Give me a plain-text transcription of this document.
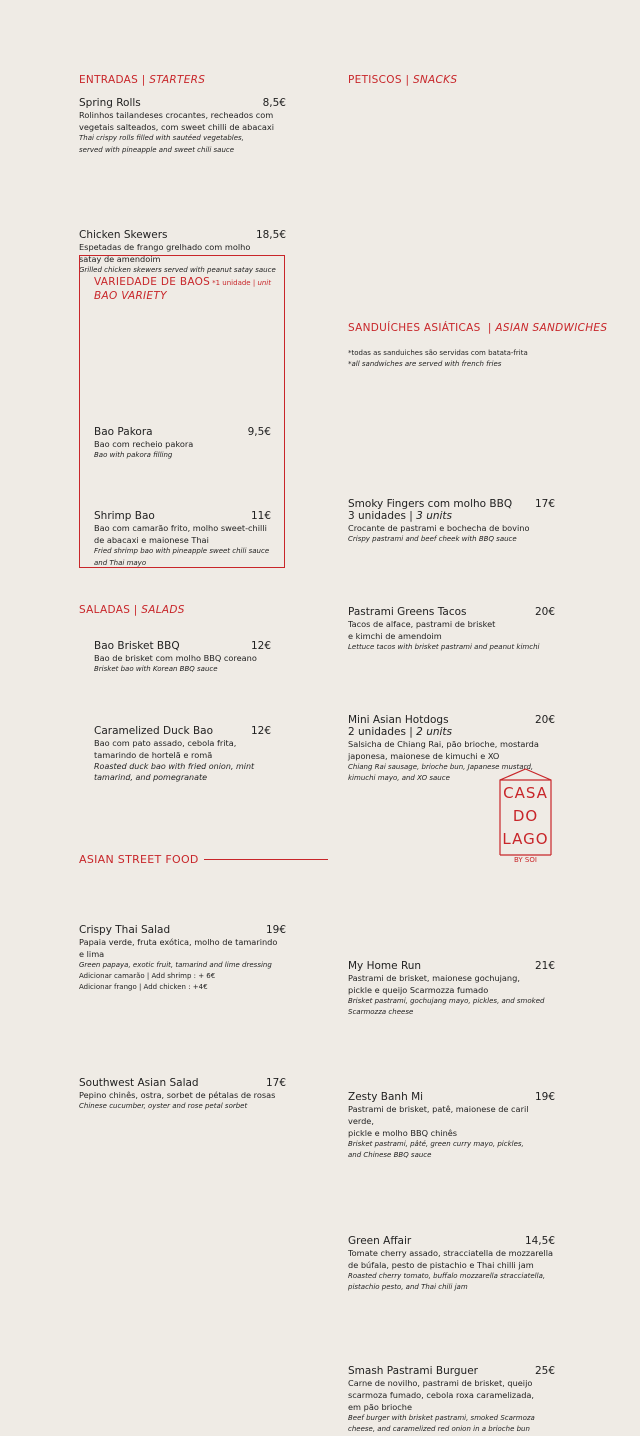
ENTRADAS | STARTERS
Spring Rolls	8,5€
Rolinhos tailandeses crocantes, recheados com
vegetais salteados, com sweet chilli de abacaxi
Thai crispy rolls filled with sautéed vegetables,
served with pineapple and sweet chili sauce
Chicken Skewers	18,5€
Espetadas de frango grelhado com molho
satay de amendoim
Grilled chicken skewers served with peanut satay sauce
VARIEDADE DE BAOS *1 unidade | unit
BAO VARIETY
Bao Pakora	9,5€
Bao com recheio pakora
Bao with pakora filling
Shrimp Bao	11€
Bao com camarão frito, molho sweet-chilli
de abacaxi e maionese Thai
Fried shrimp bao with pineapple sweet chili sauce
and Thai mayo
Bao Brisket BBQ	12€
Bao de brisket com molho BBQ coreano
Brisket bao with Korean BBQ sauce
Caramelized Duck Bao	12€
Bao com pato assado, cebola frita,
tamarindo de hortelã e romã
Roasted duck bao with fried onion, mint
tamarind, and pomegranate
SALADAS | SALADS
Crispy Thai Salad	19€
Papaia verde, fruta exótica, molho de tamarindo
e lima
Green papaya, exotic fruit, tamarind and lime dressing
Adicionar camarão | Add shrimp : + 6€
Adicionar frango | Add chicken : +4€
Southwest Asian Salad	17€
Pepino chinês, ostra, sorbet de pétalas de rosas
Chinese cucumber, oyster and rose petal sorbet
PETISCOS | SNACKS
Smoky Fingers com molho BBQ 17€
3 unidades | 3 units
Crocante de pastrami e bochecha de bovino
Crispy pastrami and beef cheek with BBQ sauce
Pastrami Greens Tacos	20€
Tacos de alface, pastrami de brisket
e kimchi de amendoim
Lettuce tacos with brisket pastrami and peanut kimchi
Mini Asian Hotdogs	20€
2 unidades | 2 units
Salsicha de Chiang Rai, pão brioche, mostarda
japonesa, maionese de kimuchi e XO
Chiang Rai sausage, brioche bun, Japanese mustard,
kimuchi mayo, and XO sauce
SANDUÍCHES ASIÁTICAS  | ASIAN SANDWICHES
*todas as sanduiches são servidas com batata-frita
*all sandwiches are served with french fries
My Home Run	21€
Pastrami de brisket, maionese gochujang,
pickle e queijo Scarmozza fumado
Brisket pastrami, gochujang mayo, pickles, and smoked
Scarmozza cheese
Zesty Banh Mi	19€
Pastrami de brisket, patê, maionese de caril verde,
pickle e molho BBQ chinês
Brisket pastrami, pâté, green curry mayo, pickles,
and Chinese BBQ sauce
Green Affair	14,5€
Tomate cherry assado, stracciatella de mozzarella
de búfala, pesto de pistachio e Thai chilli jam
Roasted cherry tomato, buffalo mozzarella stracciatella,
pistachio pesto, and Thai chili jam
Smash Pastrami Burguer	25€
Carne de novilho, pastrami de brisket, queijo
scarmoza fumado, cebola roxa caramelizada,
em pão brioche
Beef burger with brisket pastrami, smoked Scarmoza
cheese, and caramelized red onion in a brioche bun
ASIAN STREET FOOD
CASA
DO
LAGO
BY SOI
